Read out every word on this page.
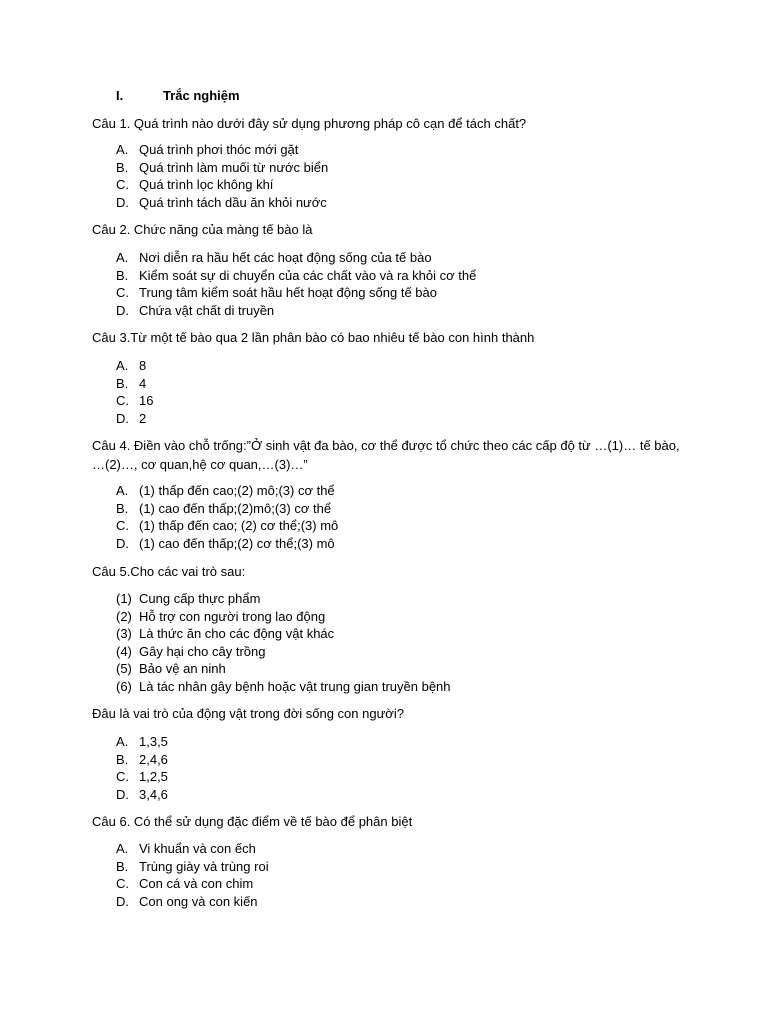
I.	Trắc nghiệm
Câu 1. Quá trình nào dưới đây sử dụng phương pháp cô cạn để tách chất?
A. Quá trình phơi thóc mới gặt
B. Quá trình làm muối từ nước biển
C. Quá trình lọc không khí
D. Quá trình tách dầu ăn khỏi nước
Câu 2. Chức năng của màng tế bào là
A. Nơi diễn ra hầu hết các hoạt động sống của tế bào
B. Kiểm soát sự di chuyển của các chất vào và ra khỏi cơ thể
C. Trung tâm kiểm soát hầu hết hoạt động sống tế bào
D. Chứa vật chất di truyền
Câu 3.Từ một tế bào qua 2 lần phân bào có bao nhiêu tế bào con hình thành
A. 8
B. 4
C. 16
D. 2
Câu 4. Điền vào chỗ trống:”Ở sinh vật đa bào, cơ thể được tổ chức theo các cấp độ từ …(1)… tế bào, …(2)…, cơ quan,hệ cơ quan,…(3)…”
A. (1) thấp đến cao;(2) mô;(3) cơ thể
B. (1) cao đến thấp;(2)mô;(3) cơ thể
C. (1) thấp đến cao; (2) cơ thể;(3) mô
D. (1) cao đến thấp;(2) cơ thể;(3) mô
Câu 5.Cho các vai trò sau:
(1) Cung cấp thực phẩm
(2) Hỗ trợ con người trong lao động
(3) Là thức ăn cho các động vật khác
(4) Gây hại cho cây trồng
(5) Bảo vệ an ninh
(6) Là tác nhân gây bệnh hoặc vật trung gian truyền bệnh
Đâu là vai trò của động vật trong đời sống con người?
A. 1,3,5
B. 2,4,6
C. 1,2,5
D. 3,4,6
Câu 6. Có thể sử dụng đặc điểm về tế bào để phân biệt
A. Vi khuẩn và con ếch
B. Trùng giày và trùng roi
C. Con cá và con chim
D. Con ong và con kiến
